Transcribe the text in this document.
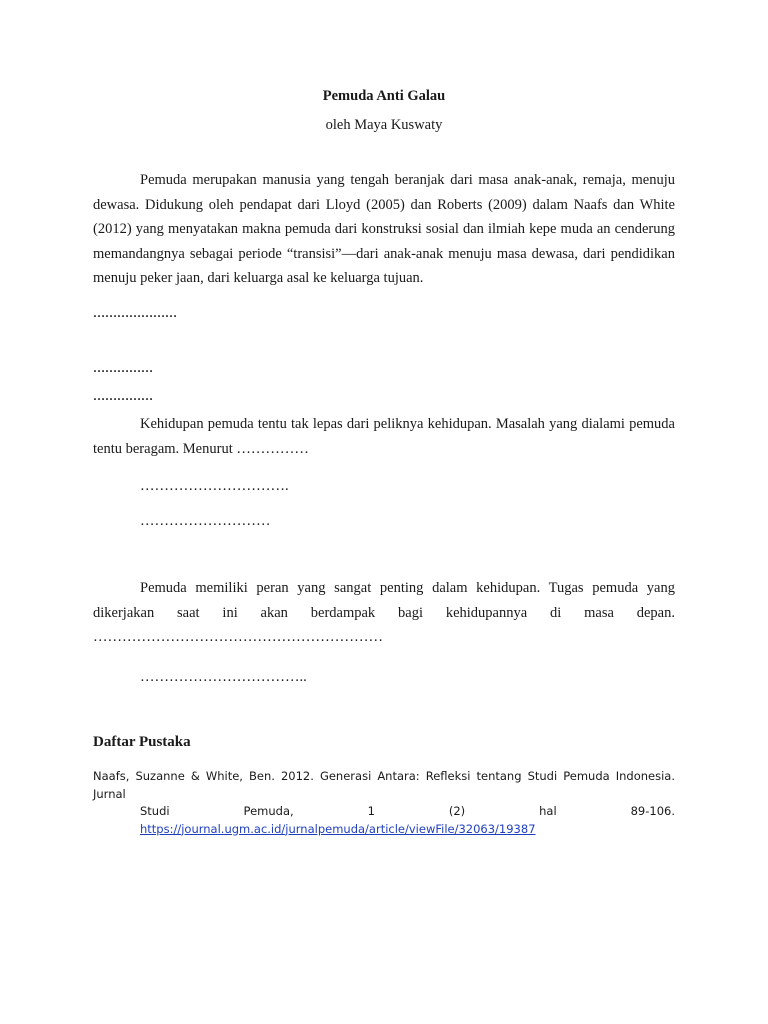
Pemuda Anti Galau
oleh Maya Kuswaty
Pemuda merupakan manusia yang tengah beranjak dari masa anak-anak, remaja, menuju dewasa. Didukung oleh pendapat dari Lloyd (2005) dan Roberts (2009) dalam Naafs dan White (2012) yang menyatakan makna pemuda dari konstruksi sosial dan ilmiah kepe muda an cenderung memandangnya sebagai periode “transisi”—dari anak-anak menuju masa dewasa, dari pendidikan menuju peker jaan, dari keluarga asal ke keluarga tujuan.
…………………
……………
……………
Kehidupan pemuda tentu tak lepas dari peliknya kehidupan. Masalah yang dialami pemuda tentu beragam. Menurut ……………
………………………….
………………………
Pemuda memiliki peran yang sangat penting dalam kehidupan. Tugas pemuda yang
dikerjakan saat ini akan berdampak bagi kehidupannya di masa depan.
……………………………………………………
……………………………..
Daftar Pustaka
Naafs, Suzanne & White, Ben. 2012. Generasi Antara: Refleksi tentang Studi Pemuda Indonesia.
Jurnal
Studi Pemuda, 1 (2) hal 89-106.
https://journal.ugm.ac.id/jurnalpemuda/article/viewFile/32063/19387
